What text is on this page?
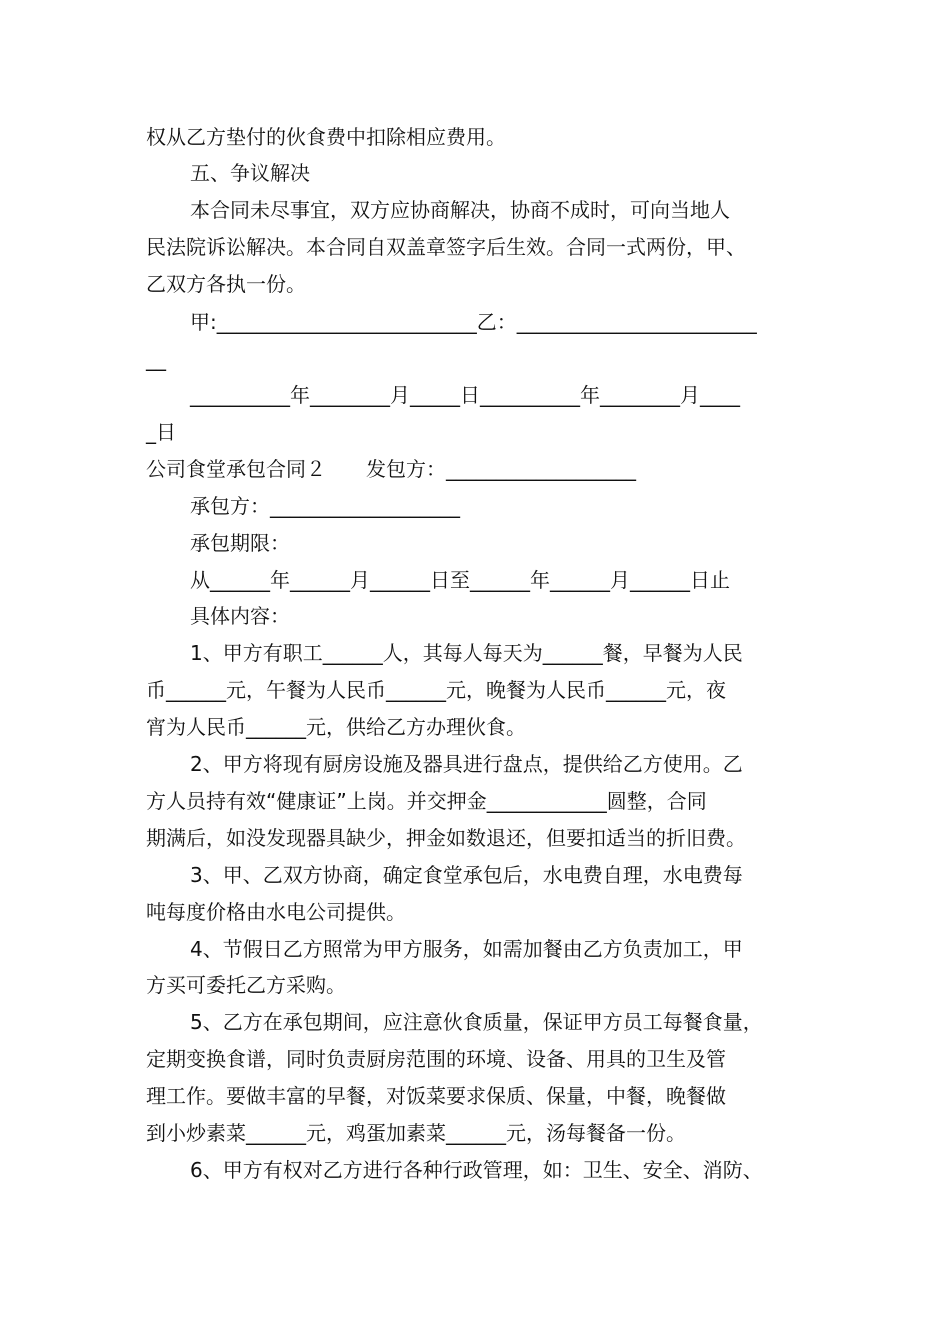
权从乙方垫付的伙食费中扣除相应费用。
五、争议解决
本合同未尽事宜，双方应协商解决，协商不成时，可向当地人
民法院诉讼解决。本合同自双盖章签字后生效。合同一式两份，甲、
乙双方各执一份。
甲:__________________________乙：________________________
__
__________年________月_____日__________年________月____
_日
公司食堂承包合同２　　发包方：___________________
承包方：___________________
承包期限：
从______年______月______日至______年______月______日止
具体内容：
1、甲方有职工______人，其每人每天为______餐，早餐为人民
币______元，午餐为人民币______元，晚餐为人民币______元，夜
宵为人民币______元，供给乙方办理伙食。
2、甲方将现有厨房设施及器具进行盘点，提供给乙方使用。乙
方人员持有效“健康证”上岗。并交押金____________圆整，合同
期满后，如没发现器具缺少，押金如数退还，但要扣适当的折旧费。
3、甲、乙双方协商，确定食堂承包后，水电费自理，水电费每
吨每度价格由水电公司提供。
4、节假日乙方照常为甲方服务，如需加餐由乙方负责加工，甲
方买可委托乙方采购。
5、乙方在承包期间，应注意伙食质量，保证甲方员工每餐食量，
定期变换食谱，同时负责厨房范围的环境、设备、用具的卫生及管
理工作。要做丰富的早餐，对饭菜要求保质、保量，中餐，晚餐做
到小炒素菜______元，鸡蛋加素菜______元，汤每餐备一份。
6、甲方有权对乙方进行各种行政管理，如：卫生、安全、消防、
